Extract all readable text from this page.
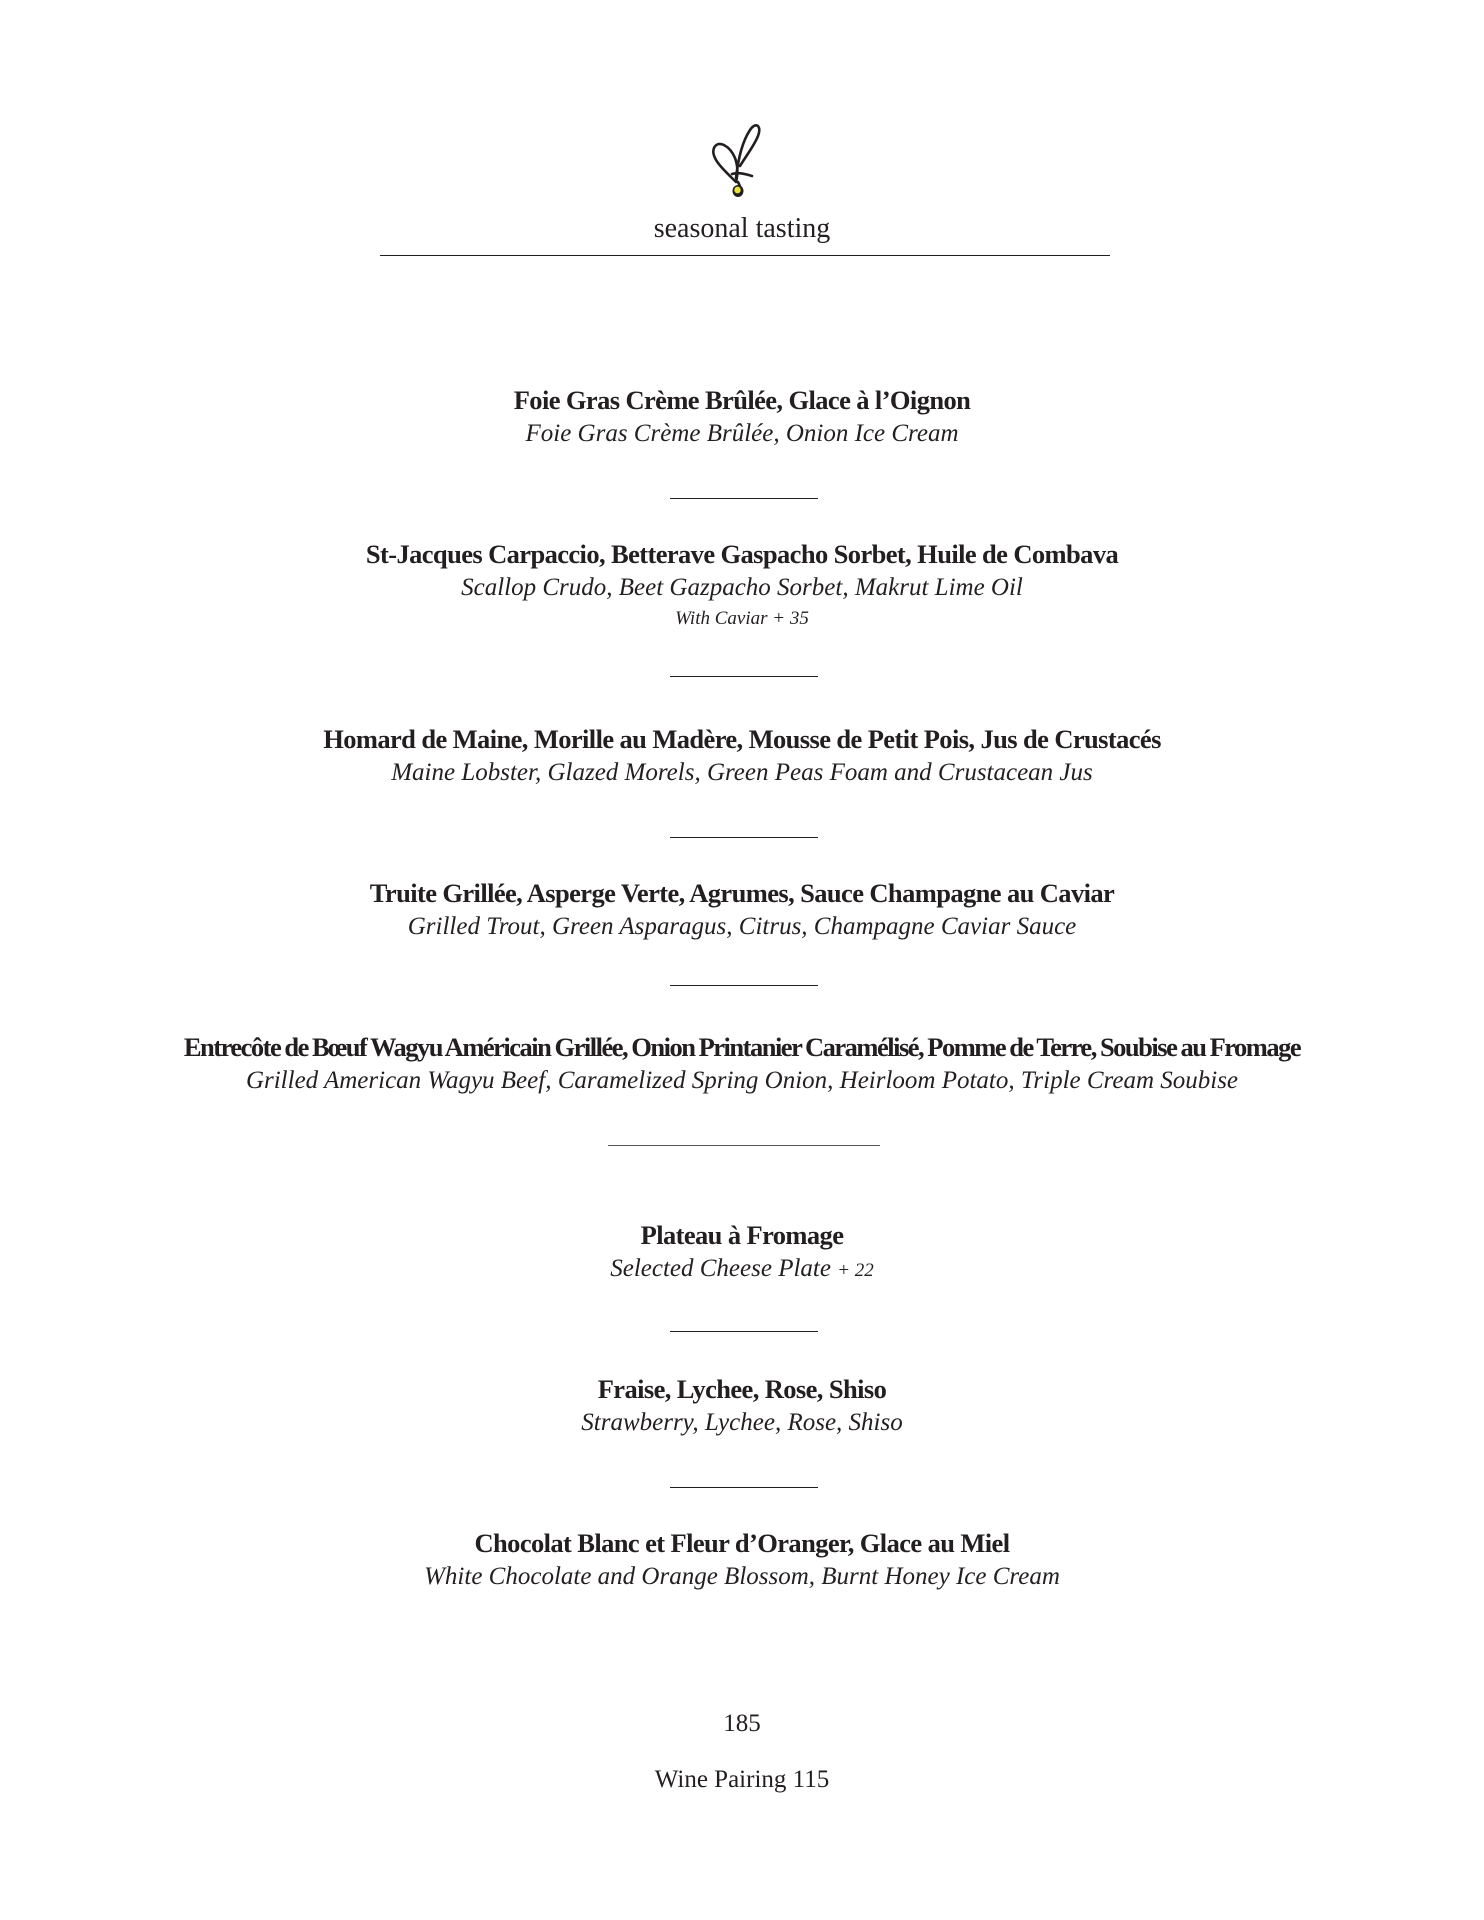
seasonal tasting
Foie Gras Crème Brûlée, Glace à l’Oignon
Foie Gras Crème Brûlée, Onion Ice Cream
St-Jacques Carpaccio, Betterave Gaspacho Sorbet, Huile de Combava
Scallop Crudo, Beet Gazpacho Sorbet, Makrut Lime Oil
With Caviar + 35
Homard de Maine, Morille au Madère, Mousse de Petit Pois, Jus de Crustacés
Maine Lobster, Glazed Morels, Green Peas Foam and Crustacean Jus
Truite Grillée, Asperge Verte, Agrumes, Sauce Champagne au Caviar
Grilled Trout, Green Asparagus, Citrus, Champagne Caviar Sauce
Entrecôte de Bœuf Wagyu Américain Grillée, Onion Printanier Caramélisé, Pomme de Terre, Soubise au Fromage
Grilled American Wagyu Beef, Caramelized Spring Onion, Heirloom Potato, Triple Cream Soubise
Plateau à Fromage
Selected Cheese Plate + 22
Fraise, Lychee, Rose, Shiso
Strawberry, Lychee, Rose, Shiso
Chocolat Blanc et Fleur d’Oranger, Glace au Miel
White Chocolate and Orange Blossom, Burnt Honey Ice Cream
185
Wine Pairing 115
